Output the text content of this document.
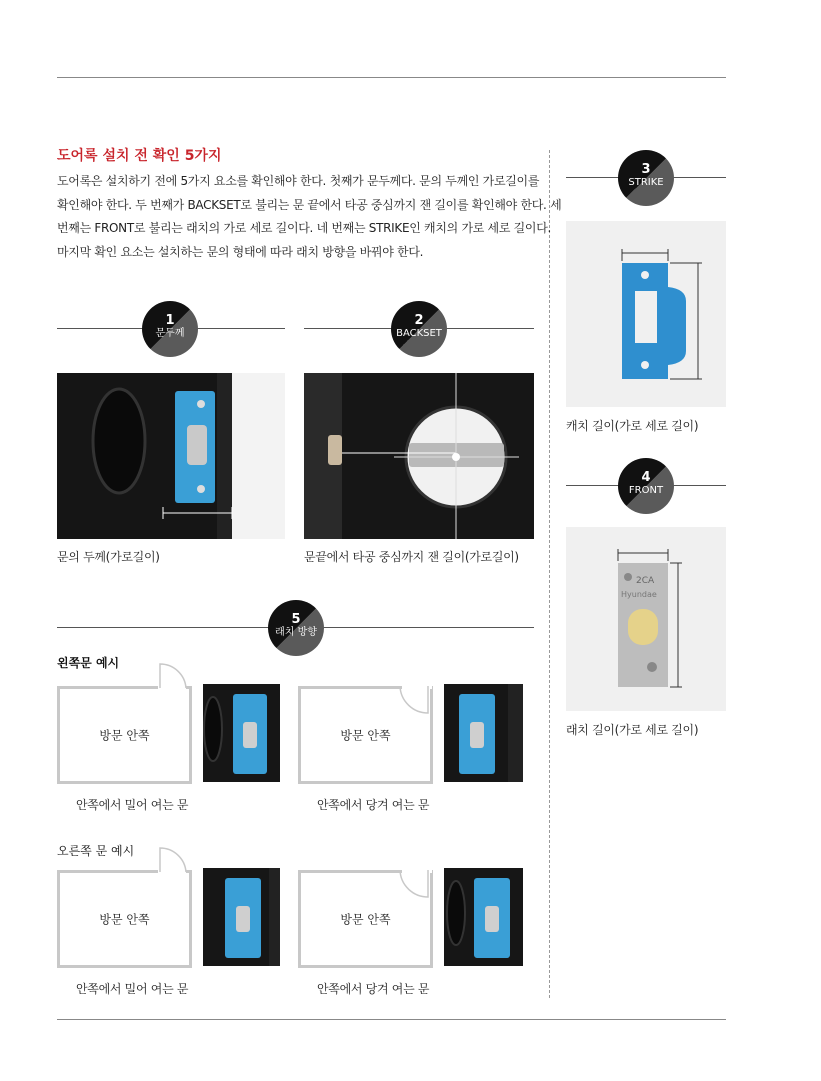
도어록 설치 전 확인 5가지
도어록은 설치하기 전에 5가지 요소를 확인해야 한다. 첫째가 문두께다. 문의 두께인 가로길이를
확인해야 한다. 두 번째가 BACKSET로 불리는 문 끝에서 타공 중심까지 잰 길이를 확인해야 한다. 세
번째는 FRONT로 불리는 래치의 가로 세로 길이다. 네 번째는 STRIKE인 캐치의 가로 세로 길이다.
마지막 확인 요소는 설치하는 문의 형태에 따라 래치 방향을 바꿔야 한다.
1
문두께
문의 두께(가로길이)
2
BACKSET
문끝에서 타공 중심까지 잰 길이(가로길이)
3
STRIKE
캐치 길이(가로 세로 길이)
4
FRONT
2CA
Hyundae
래치 길이(가로 세로 길이)
5
래치 방향
왼쪽문 예시
방문 안쪽
안쪽에서 밀어 여는 문
방문 안쪽
안쪽에서 당겨 여는 문
오른쪽 문 예시
방문 안쪽
안쪽에서 밀어 여는 문
방문 안쪽
안쪽에서 당겨 여는 문
